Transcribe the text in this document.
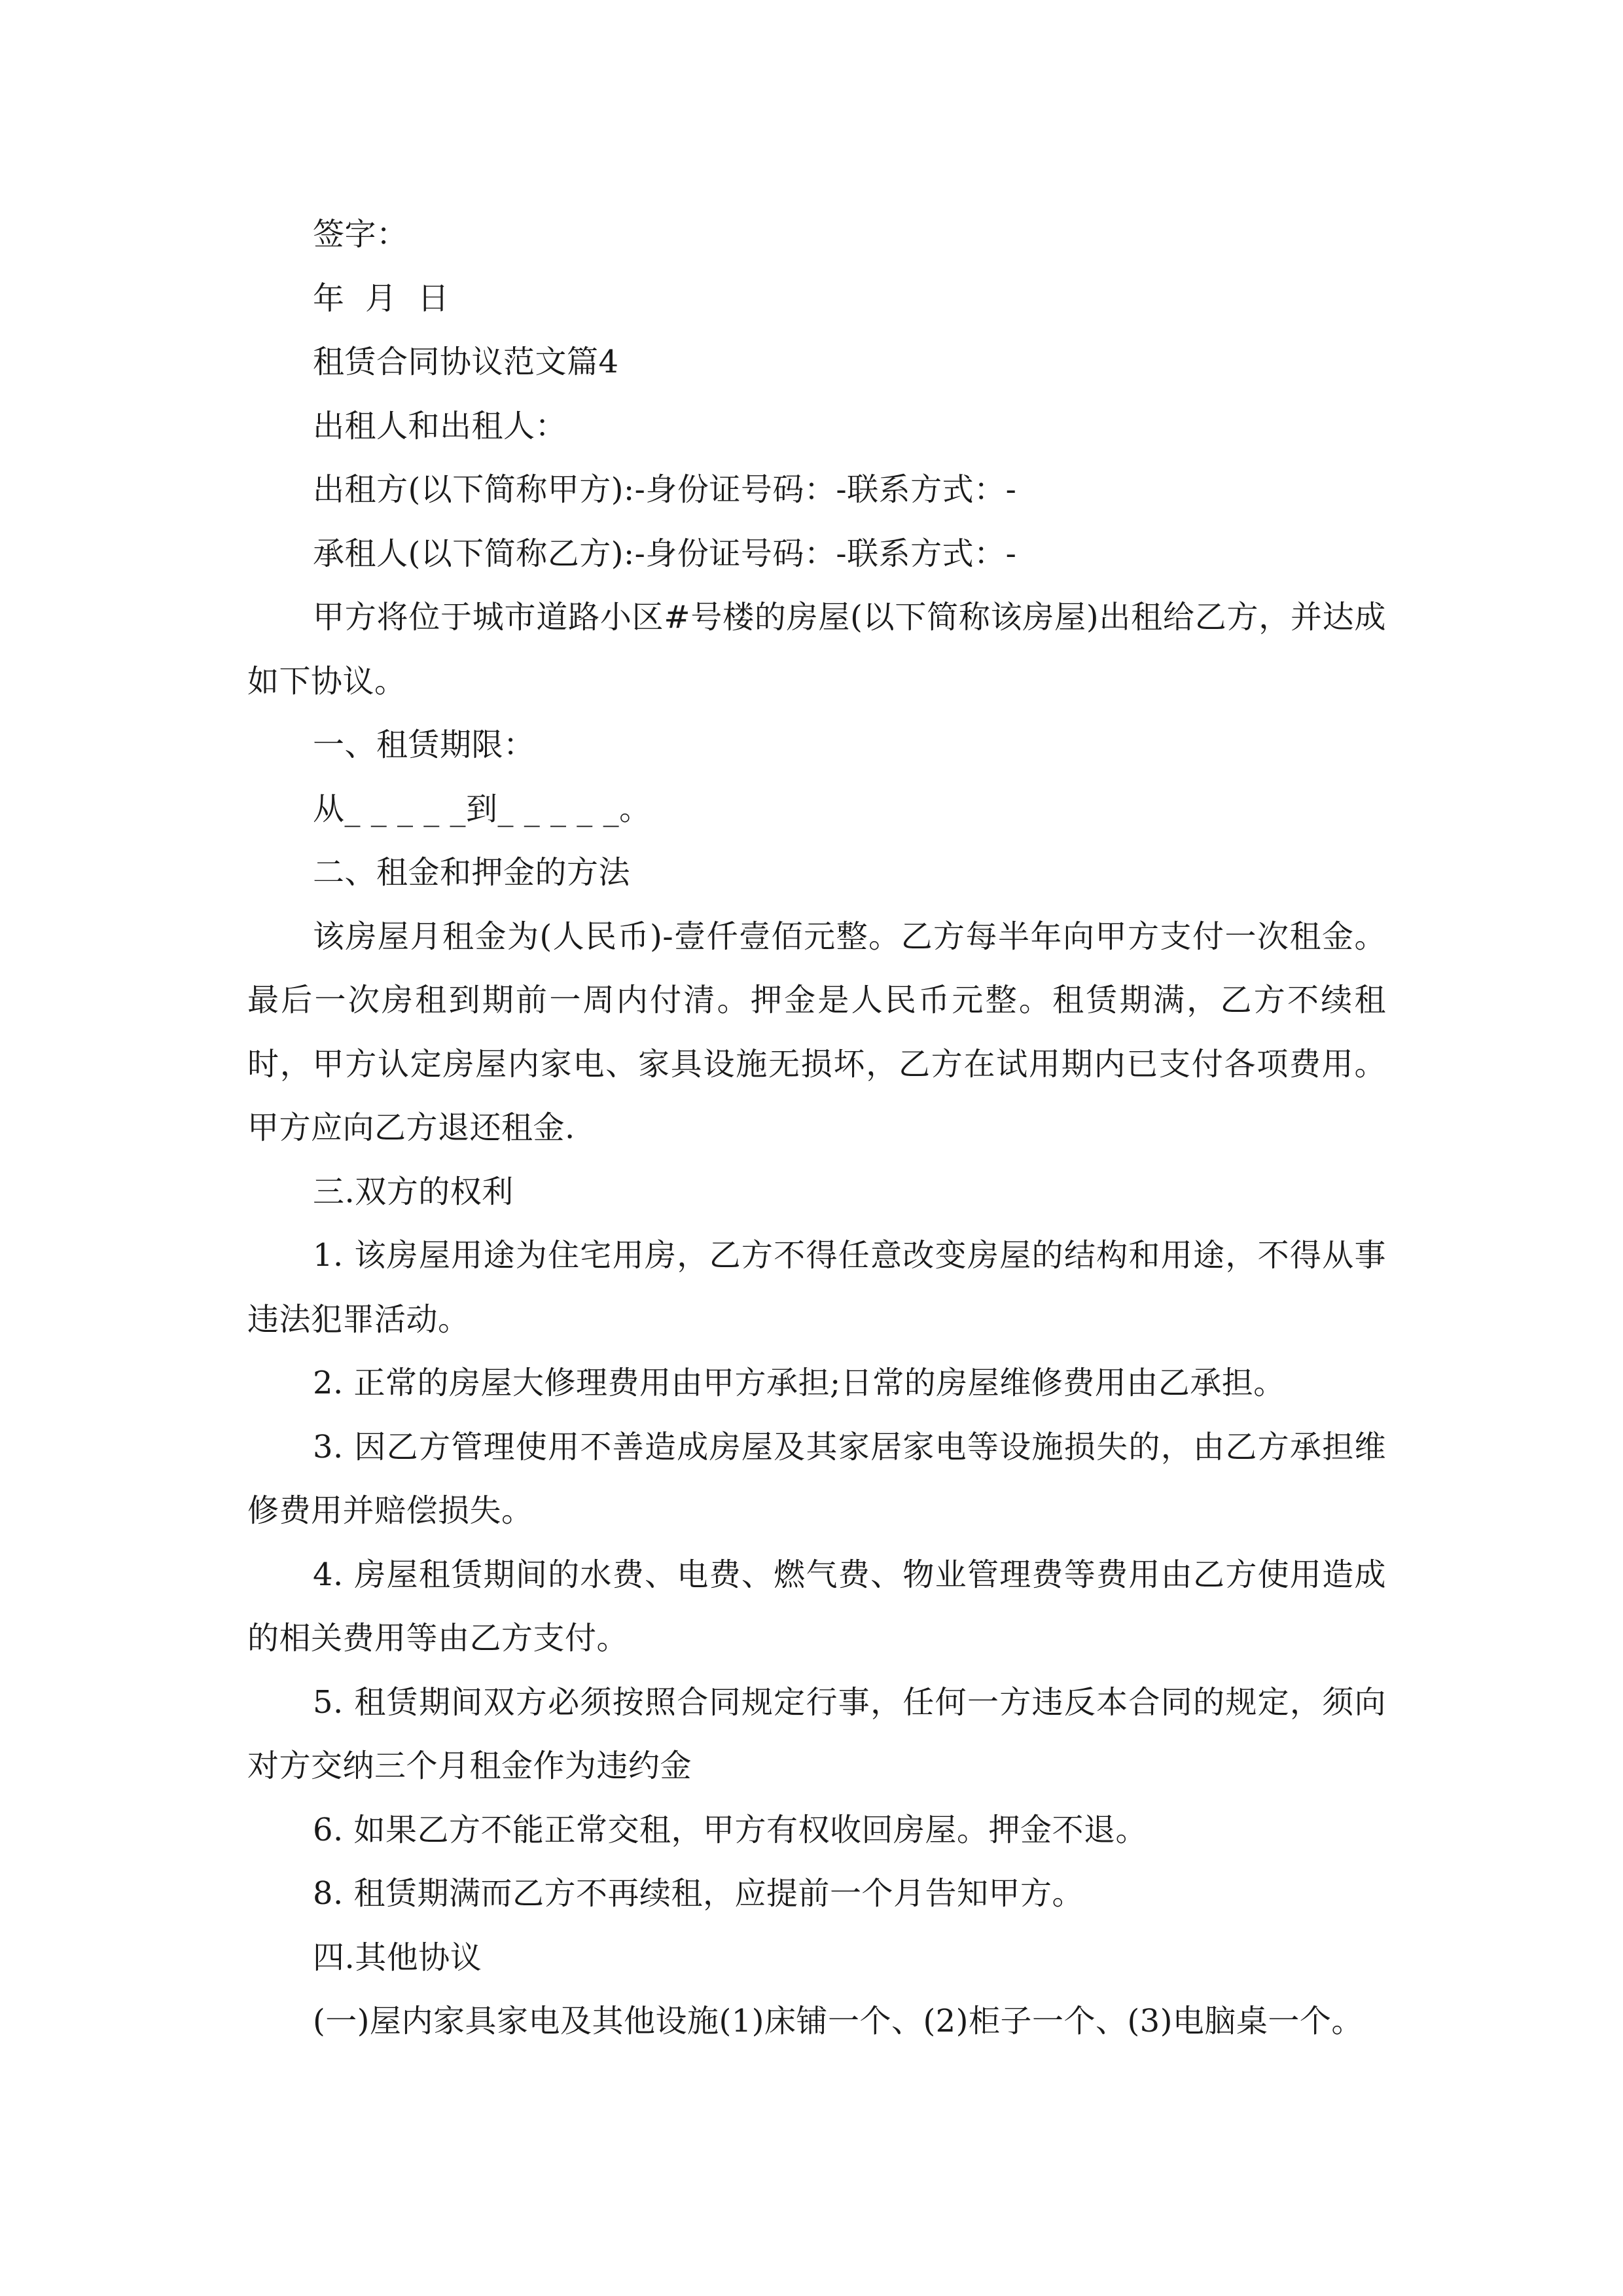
签字：

年  月  日

租赁合同协议范文篇4

出租人和出租人：

出租方(以下简称甲方):-身份证号码：-联系方式：-

承租人(以下简称乙方):-身份证号码：-联系方式：-

甲方将位于城市道路小区#号楼的房屋(以下简称该房屋)出租给乙方，并达成如下协议。

一、租赁期限：

从_ _ _ _ _到_ _ _ _ _。

二、租金和押金的方法

该房屋月租金为(人民币)-壹仟壹佰元整。乙方每半年向甲方支付一次租金。最后一次房租到期前一周内付清。押金是人民币元整。租赁期满，乙方不续租时，甲方认定房屋内家电、家具设施无损坏，乙方在试用期内已支付各项费用。甲方应向乙方退还租金.

三.双方的权利

1. 该房屋用途为住宅用房，乙方不得任意改变房屋的结构和用途，不得从事违法犯罪活动。

2. 正常的房屋大修理费用由甲方承担;日常的房屋维修费用由乙承担。

3. 因乙方管理使用不善造成房屋及其家居家电等设施损失的，由乙方承担维修费用并赔偿损失。

4. 房屋租赁期间的水费、电费、燃气费、物业管理费等费用由乙方使用造成的相关费用等由乙方支付。

5. 租赁期间双方必须按照合同规定行事，任何一方违反本合同的规定，须向对方交纳三个月租金作为违约金

6. 如果乙方不能正常交租，甲方有权收回房屋。押金不退。

8. 租赁期满而乙方不再续租，应提前一个月告知甲方。

四.其他协议

(一)屋内家具家电及其他设施(1)床铺一个、(2)柜子一个、(3)电脑桌一个。
